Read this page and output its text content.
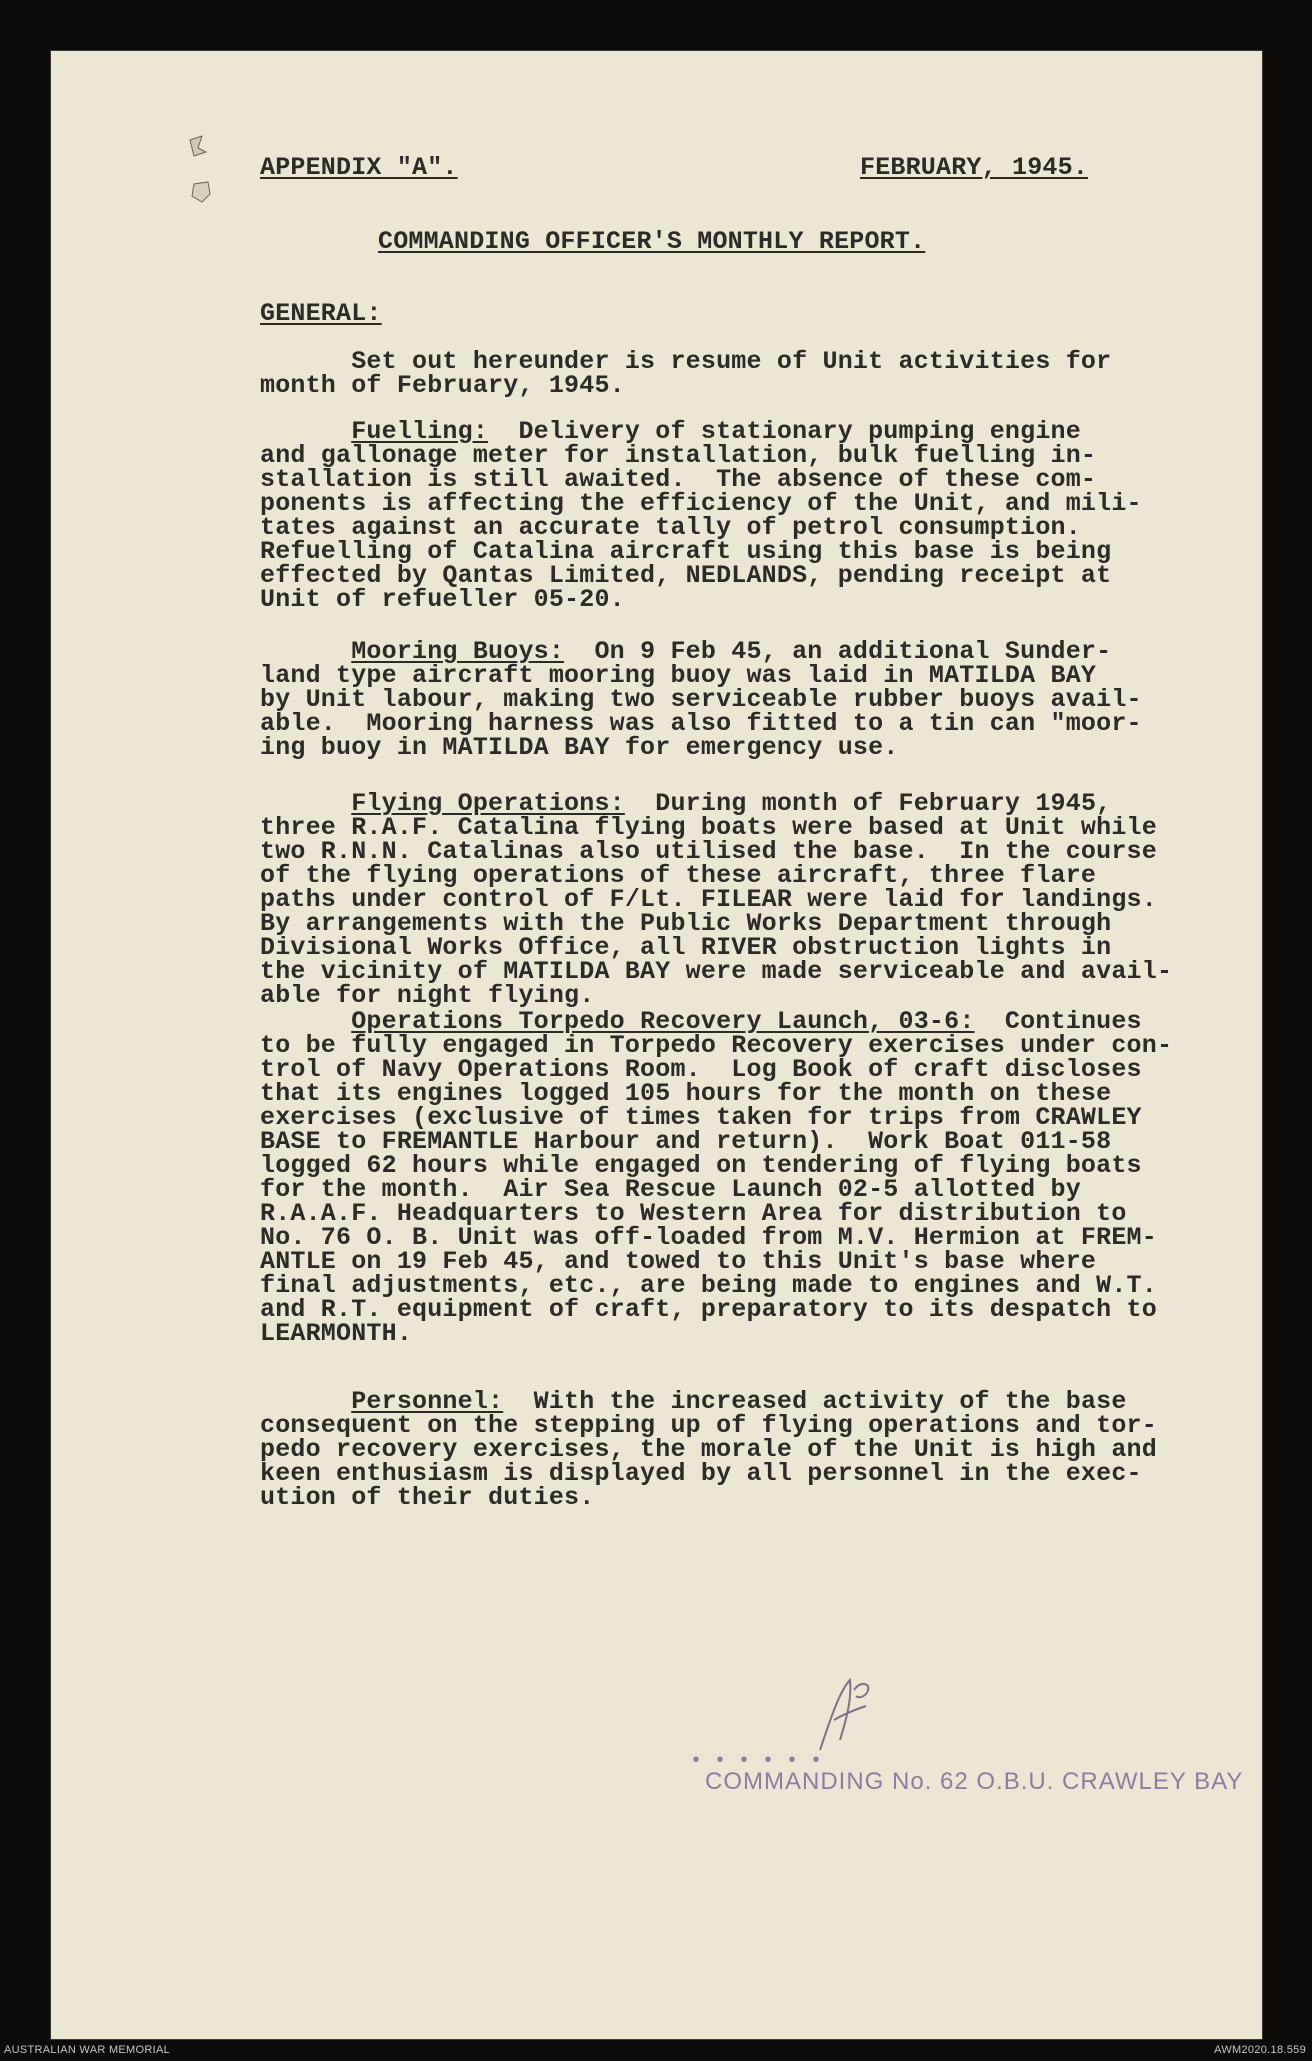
APPENDIX "A".	FEBRUARY, 1945.
COMMANDING OFFICER'S MONTHLY REPORT.
GENERAL:
Set out hereunder is resume of Unit activities for
month of February, 1945.
Fuelling:  Delivery of stationary pumping engine
and gallonage meter for installation, bulk fuelling in-
stallation is still awaited.  The absence of these com-
ponents is affecting the efficiency of the Unit, and mili-
tates against an accurate tally of petrol consumption.
Refuelling of Catalina aircraft using this base is being
effected by Qantas Limited, NEDLANDS, pending receipt at
Unit of refueller 05-20.
Mooring Buoys:  On 9 Feb 45, an additional Sunder-
land type aircraft mooring buoy was laid in MATILDA BAY
by Unit labour, making two serviceable rubber buoys avail-
able.  Mooring harness was also fitted to a tin can "moor-
ing buoy in MATILDA BAY for emergency use.
Flying Operations:  During month of February 1945,
three R.A.F. Catalina flying boats were based at Unit while
two R.N.N. Catalinas also utilised the base.  In the course
of the flying operations of these aircraft, three flare
paths under control of F/Lt. FILEAR were laid for landings.
By arrangements with the Public Works Department through
Divisional Works Office, all RIVER obstruction lights in
the vicinity of MATILDA BAY were made serviceable and avail-
able for night flying.
Operations Torpedo Recovery Launch, 03-6:  Continues
to be fully engaged in Torpedo Recovery exercises under con-
trol of Navy Operations Room.  Log Book of craft discloses
that its engines logged 105 hours for the month on these
exercises (exclusive of times taken for trips from CRAWLEY
BASE to FREMANTLE Harbour and return).  Work Boat 011-58
logged 62 hours while engaged on tendering of flying boats
for the month.  Air Sea Rescue Launch 02-5 allotted by
R.A.A.F. Headquarters to Western Area for distribution to
No. 76 O. B. Unit was off-loaded from M.V. Hermion at FREM-
ANTLE on 19 Feb 45, and towed to this Unit's base where
final adjustments, etc., are being made to engines and W.T.
and R.T. equipment of craft, preparatory to its despatch to
LEARMONTH.
Personnel:  With the increased activity of the base
consequent on the stepping up of flying operations and tor-
pedo recovery exercises, the morale of the Unit is high and
keen enthusiasm is displayed by all personnel in the exec-
ution of their duties.
• • • • • •
COMMANDING No. 62 O.B.U. CRAWLEY BAY
AUSTRALIAN WAR MEMORIAL	AWM2020.18.559
